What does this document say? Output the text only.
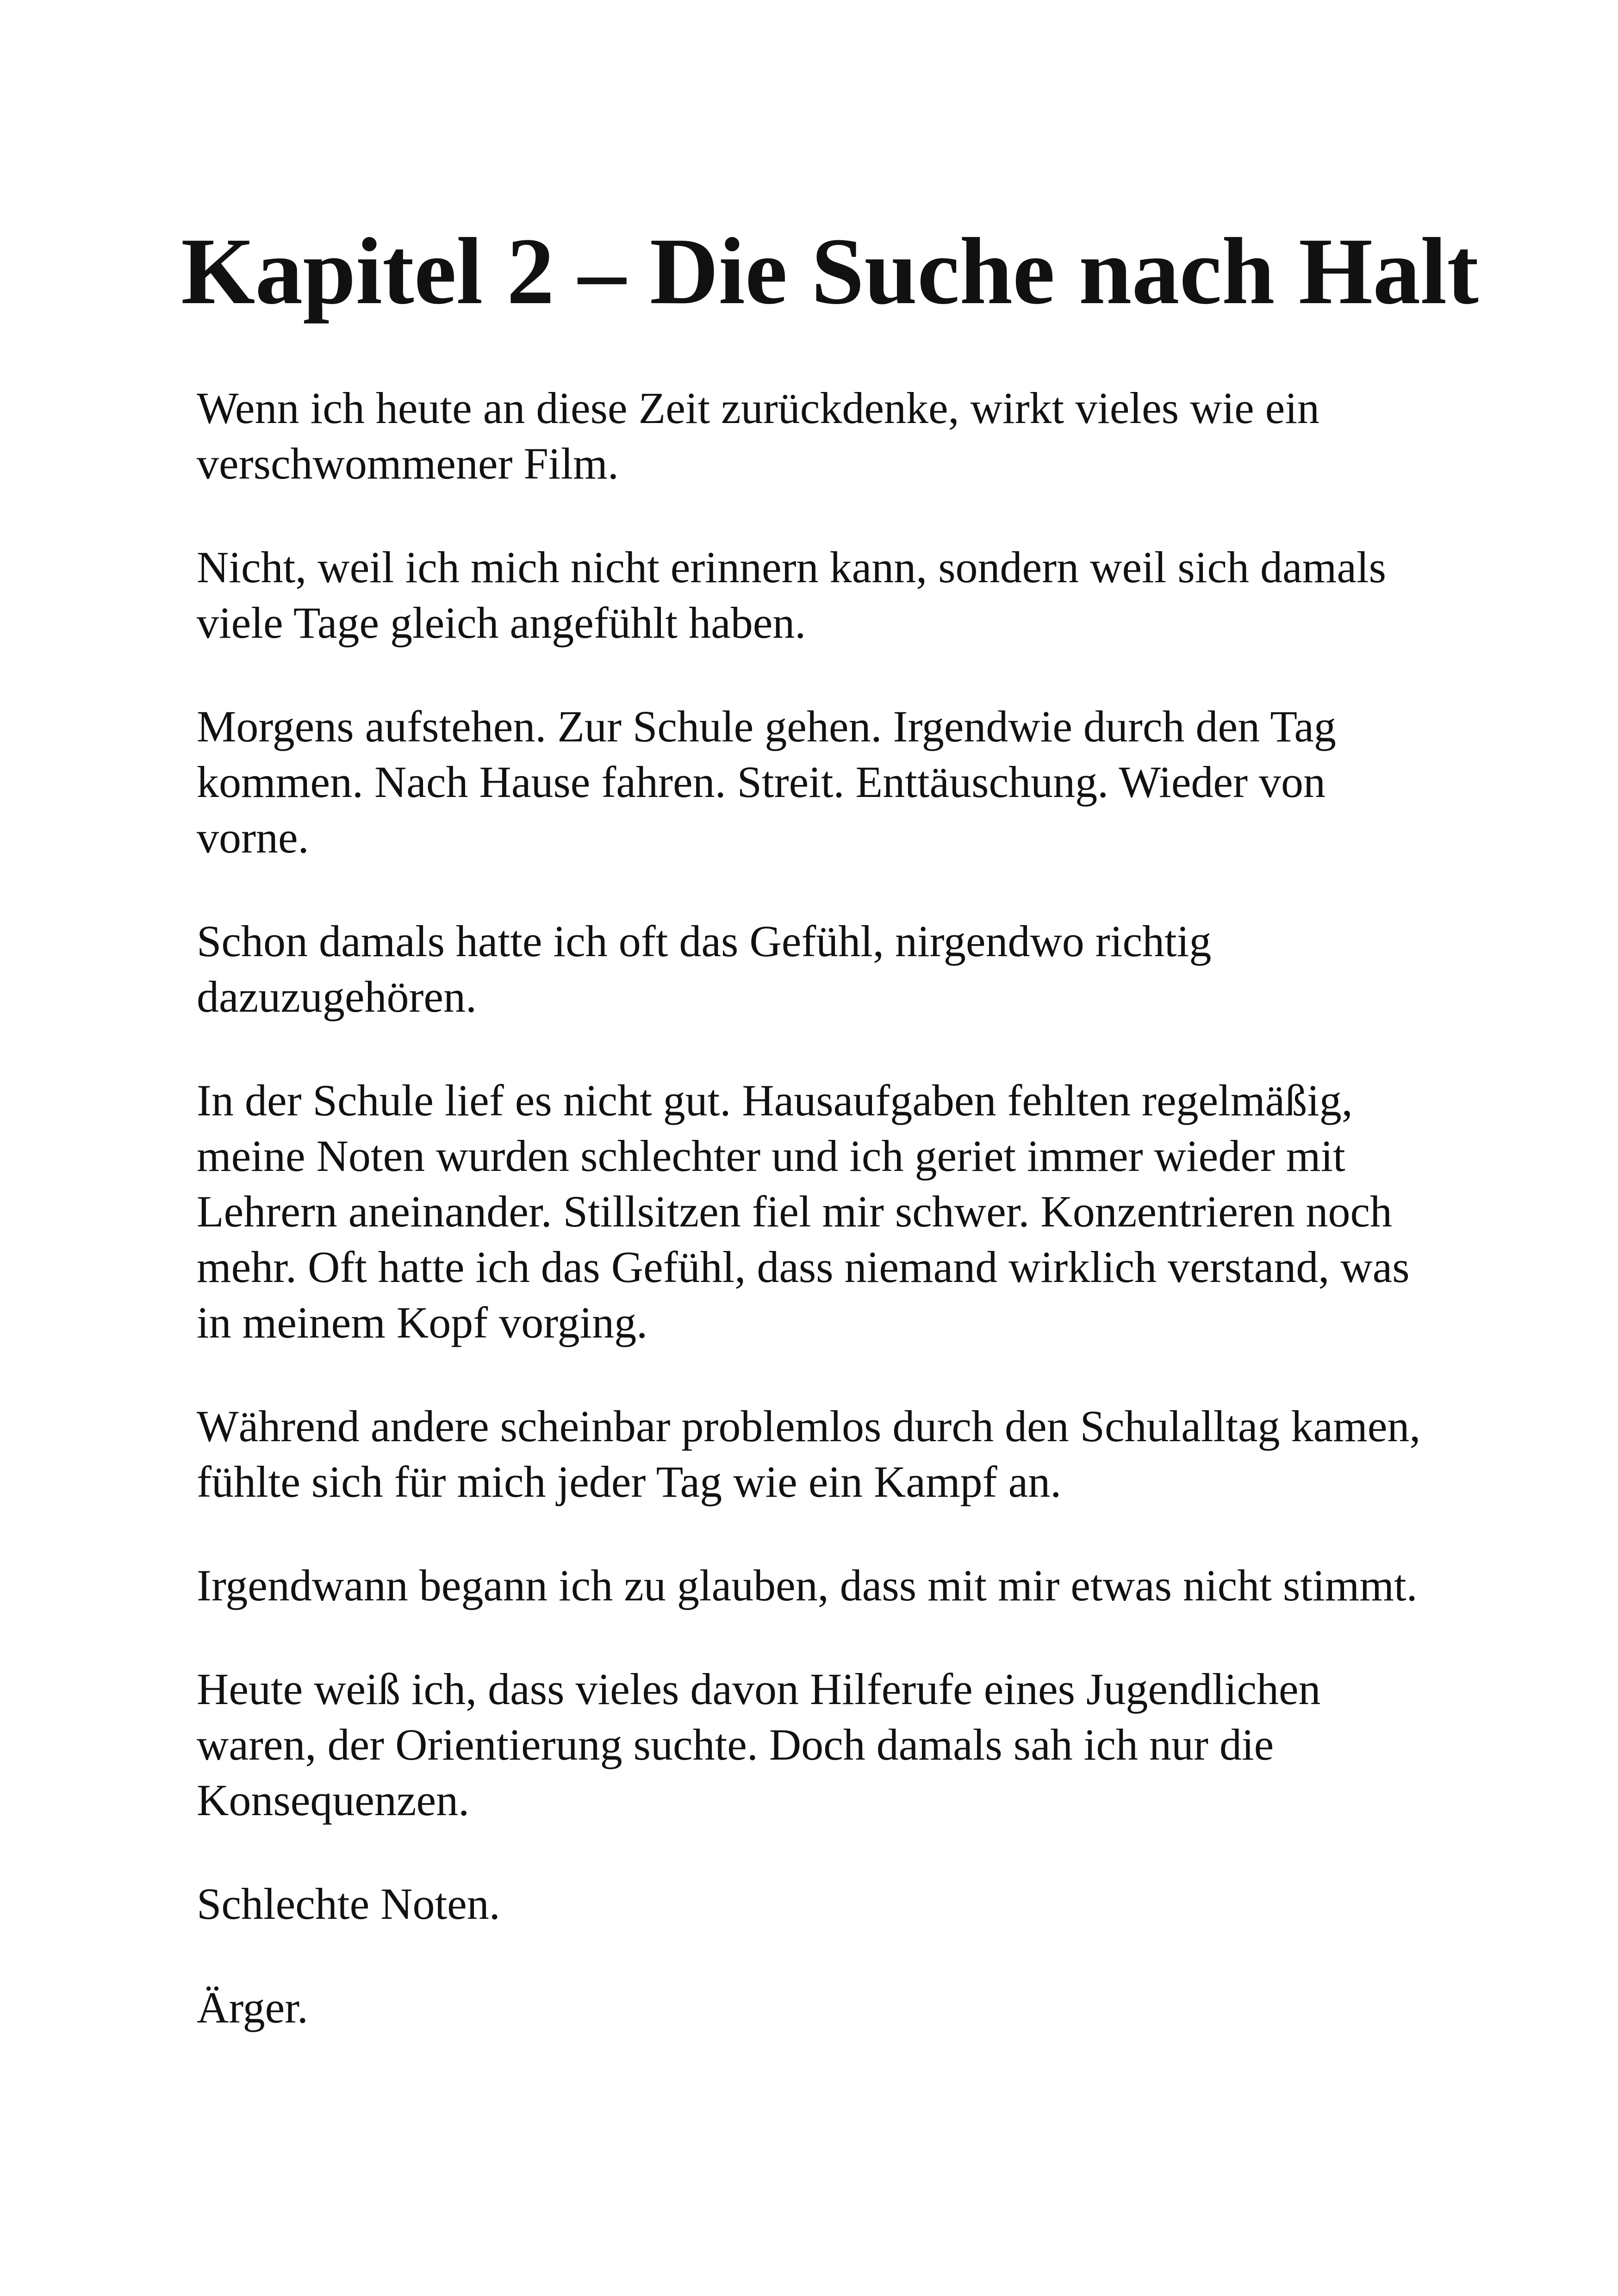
Kapitel 2 – Die Suche nach Halt

Wenn ich heute an diese Zeit zurückdenke, wirkt vieles wie ein
verschwommener Film.

Nicht, weil ich mich nicht erinnern kann, sondern weil sich damals
viele Tage gleich angefühlt haben.

Morgens aufstehen. Zur Schule gehen. Irgendwie durch den Tag
kommen. Nach Hause fahren. Streit. Enttäuschung. Wieder von
vorne.

Schon damals hatte ich oft das Gefühl, nirgendwo richtig
dazuzugehören.

In der Schule lief es nicht gut. Hausaufgaben fehlten regelmäßig,
meine Noten wurden schlechter und ich geriet immer wieder mit
Lehrern aneinander. Stillsitzen fiel mir schwer. Konzentrieren noch
mehr. Oft hatte ich das Gefühl, dass niemand wirklich verstand, was
in meinem Kopf vorging.

Während andere scheinbar problemlos durch den Schulalltag kamen,
fühlte sich für mich jeder Tag wie ein Kampf an.

Irgendwann begann ich zu glauben, dass mit mir etwas nicht stimmt.

Heute weiß ich, dass vieles davon Hilferufe eines Jugendlichen
waren, der Orientierung suchte. Doch damals sah ich nur die
Konsequenzen.

Schlechte Noten.

Ärger.
